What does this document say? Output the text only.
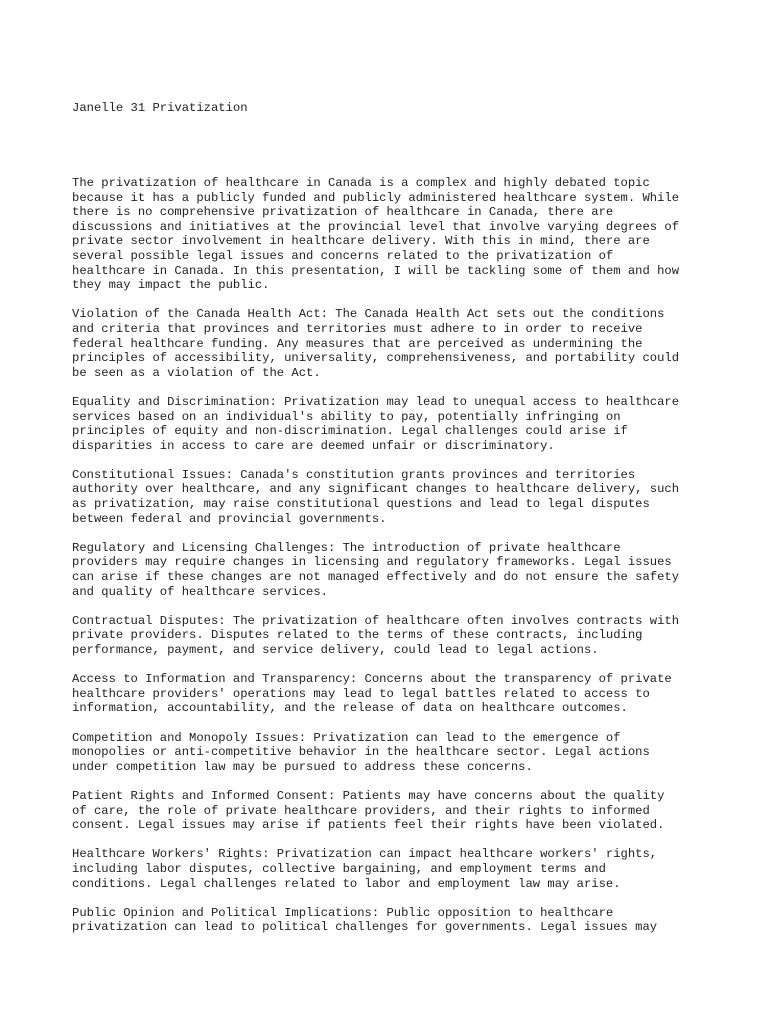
Janelle 31 Privatization
The privatization of healthcare in Canada is a complex and highly debated topic
because it has a publicly funded and publicly administered healthcare system. While
there is no comprehensive privatization of healthcare in Canada, there are
discussions and initiatives at the provincial level that involve varying degrees of
private sector involvement in healthcare delivery. With this in mind, there are
several possible legal issues and concerns related to the privatization of
healthcare in Canada. In this presentation, I will be tackling some of them and how
they may impact the public.

Violation of the Canada Health Act: The Canada Health Act sets out the conditions
and criteria that provinces and territories must adhere to in order to receive
federal healthcare funding. Any measures that are perceived as undermining the
principles of accessibility, universality, comprehensiveness, and portability could
be seen as a violation of the Act.

Equality and Discrimination: Privatization may lead to unequal access to healthcare
services based on an individual's ability to pay, potentially infringing on
principles of equity and non-discrimination. Legal challenges could arise if
disparities in access to care are deemed unfair or discriminatory.

Constitutional Issues: Canada's constitution grants provinces and territories
authority over healthcare, and any significant changes to healthcare delivery, such
as privatization, may raise constitutional questions and lead to legal disputes
between federal and provincial governments.

Regulatory and Licensing Challenges: The introduction of private healthcare
providers may require changes in licensing and regulatory frameworks. Legal issues
can arise if these changes are not managed effectively and do not ensure the safety
and quality of healthcare services.

Contractual Disputes: The privatization of healthcare often involves contracts with
private providers. Disputes related to the terms of these contracts, including
performance, payment, and service delivery, could lead to legal actions.

Access to Information and Transparency: Concerns about the transparency of private
healthcare providers' operations may lead to legal battles related to access to
information, accountability, and the release of data on healthcare outcomes.

Competition and Monopoly Issues: Privatization can lead to the emergence of
monopolies or anti-competitive behavior in the healthcare sector. Legal actions
under competition law may be pursued to address these concerns.

Patient Rights and Informed Consent: Patients may have concerns about the quality
of care, the role of private healthcare providers, and their rights to informed
consent. Legal issues may arise if patients feel their rights have been violated.

Healthcare Workers' Rights: Privatization can impact healthcare workers' rights,
including labor disputes, collective bargaining, and employment terms and
conditions. Legal challenges related to labor and employment law may arise.

Public Opinion and Political Implications: Public opposition to healthcare
privatization can lead to political challenges for governments. Legal issues may
